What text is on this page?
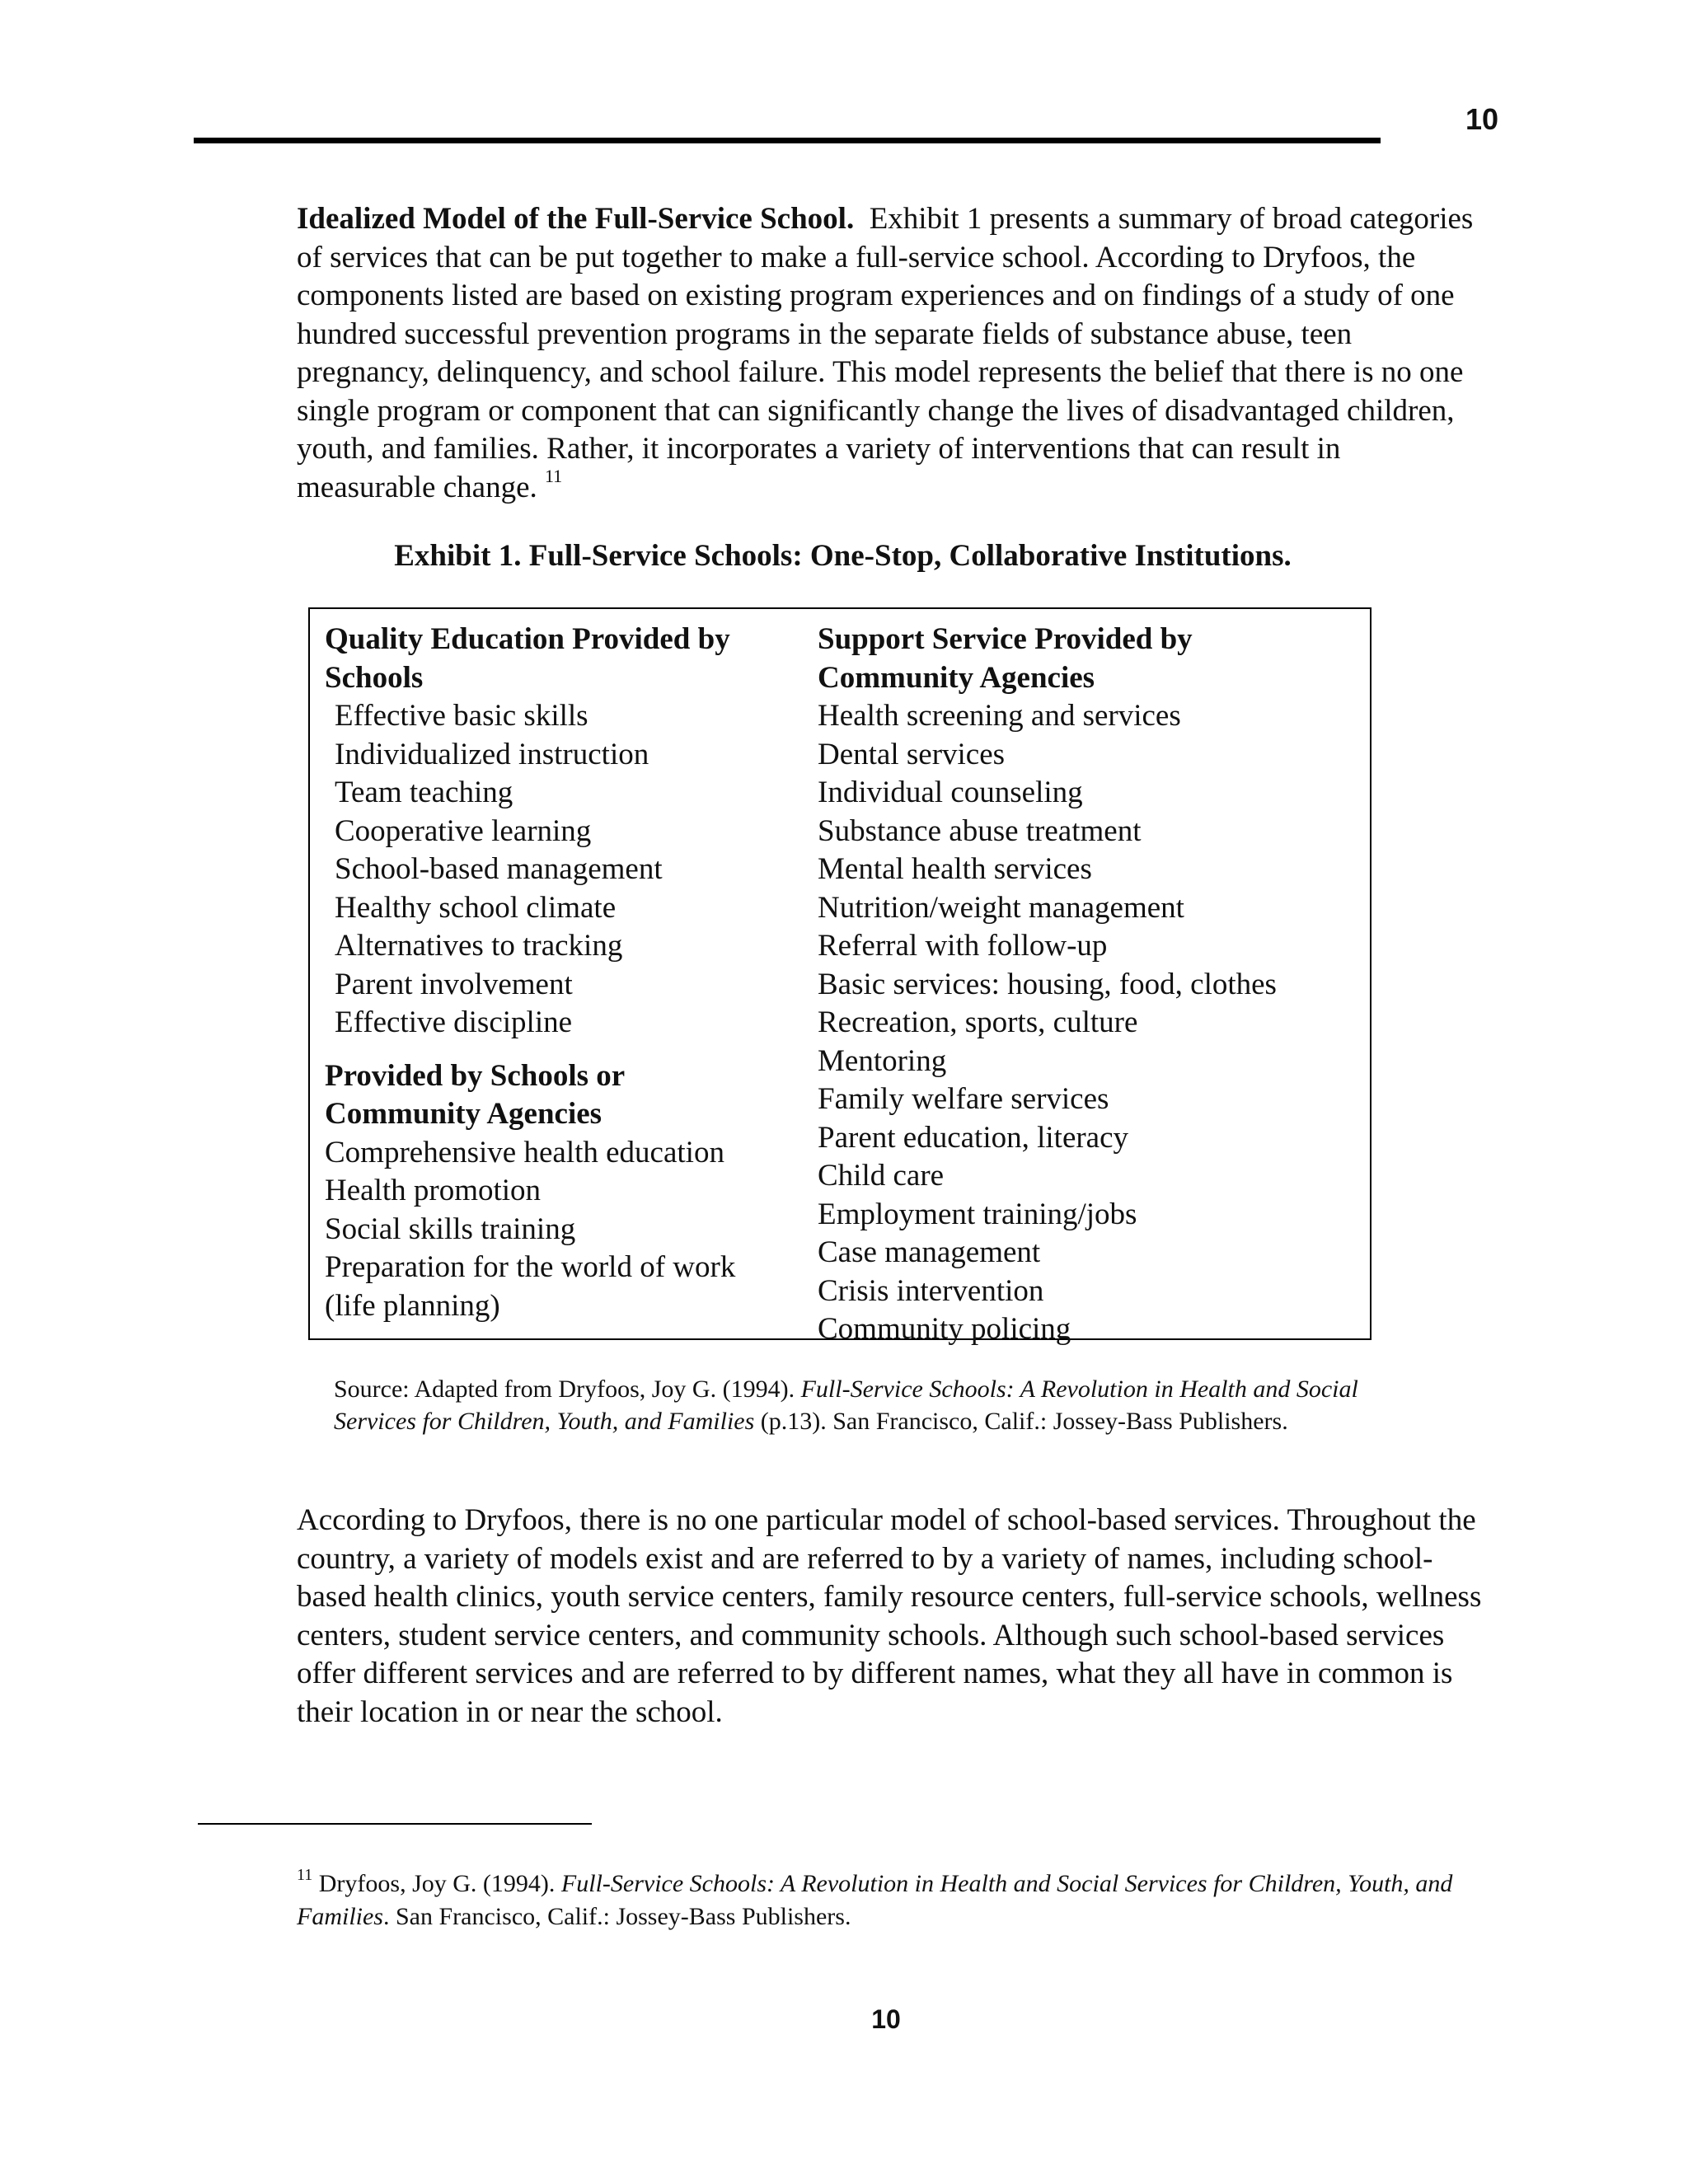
10

Idealized Model of the Full-Service School. Exhibit 1 presents a summary of broad categories of services that can be put together to make a full-service school. According to Dryfoos, the components listed are based on existing program experiences and on findings of a study of one hundred successful prevention programs in the separate fields of substance abuse, teen pregnancy, delinquency, and school failure. This model represents the belief that there is no one single program or component that can significantly change the lives of disadvantaged children, youth, and families. Rather, it incorporates a variety of interventions that can result in measurable change. $^{11}$

Exhibit 1. Full-Service Schools: One-Stop, Collaborative Institutions.
Quality Education Provided by
Schools
Effective basic skills
Individualized instruction
Team teaching
Cooperative learning
School-based management
Healthy school climate
Alternatives to tracking
Parent involvement
Effective discipline
Provided by Schools or
Community Agencies
Comprehensive health education
Health promotion
Social skills training
Preparation for the world of work
(life planning)
Support Service Provided by
Community Agencies
Health screening and services
Dental services
Individual counseling
Substance abuse treatment
Mental health services
Nutrition/weight management
Referral with follow-up
Basic services: housing, food, clothes
Recreation, sports, culture
Mentoring
Family welfare services
Parent education, literacy
Child care
Employment training/jobs
Case management
Crisis intervention
Community policing
Source: Adapted from Dryfoos, Joy G. (1994). Full-Service Schools: A Revolution in Health and Social Services for Children, Youth, and Families (p.13). San Francisco, Calif.: Jossey-Bass Publishers.

According to Dryfoos, there is no one particular model of school-based services. Throughout the country, a variety of models exist and are referred to by a variety of names, including school-based health clinics, youth service centers, family resource centers, full-service schools, wellness centers, student service centers, and community schools. Although such school-based services offer different services and are referred to by different names, what they all have in common is their location in or near the school.

$^{11}$ Dryfoos, Joy G. (1994). Full-Service Schools: A Revolution in Health and Social Services for Children, Youth, and Families. San Francisco, Calif.: Jossey-Bass Publishers.
10
